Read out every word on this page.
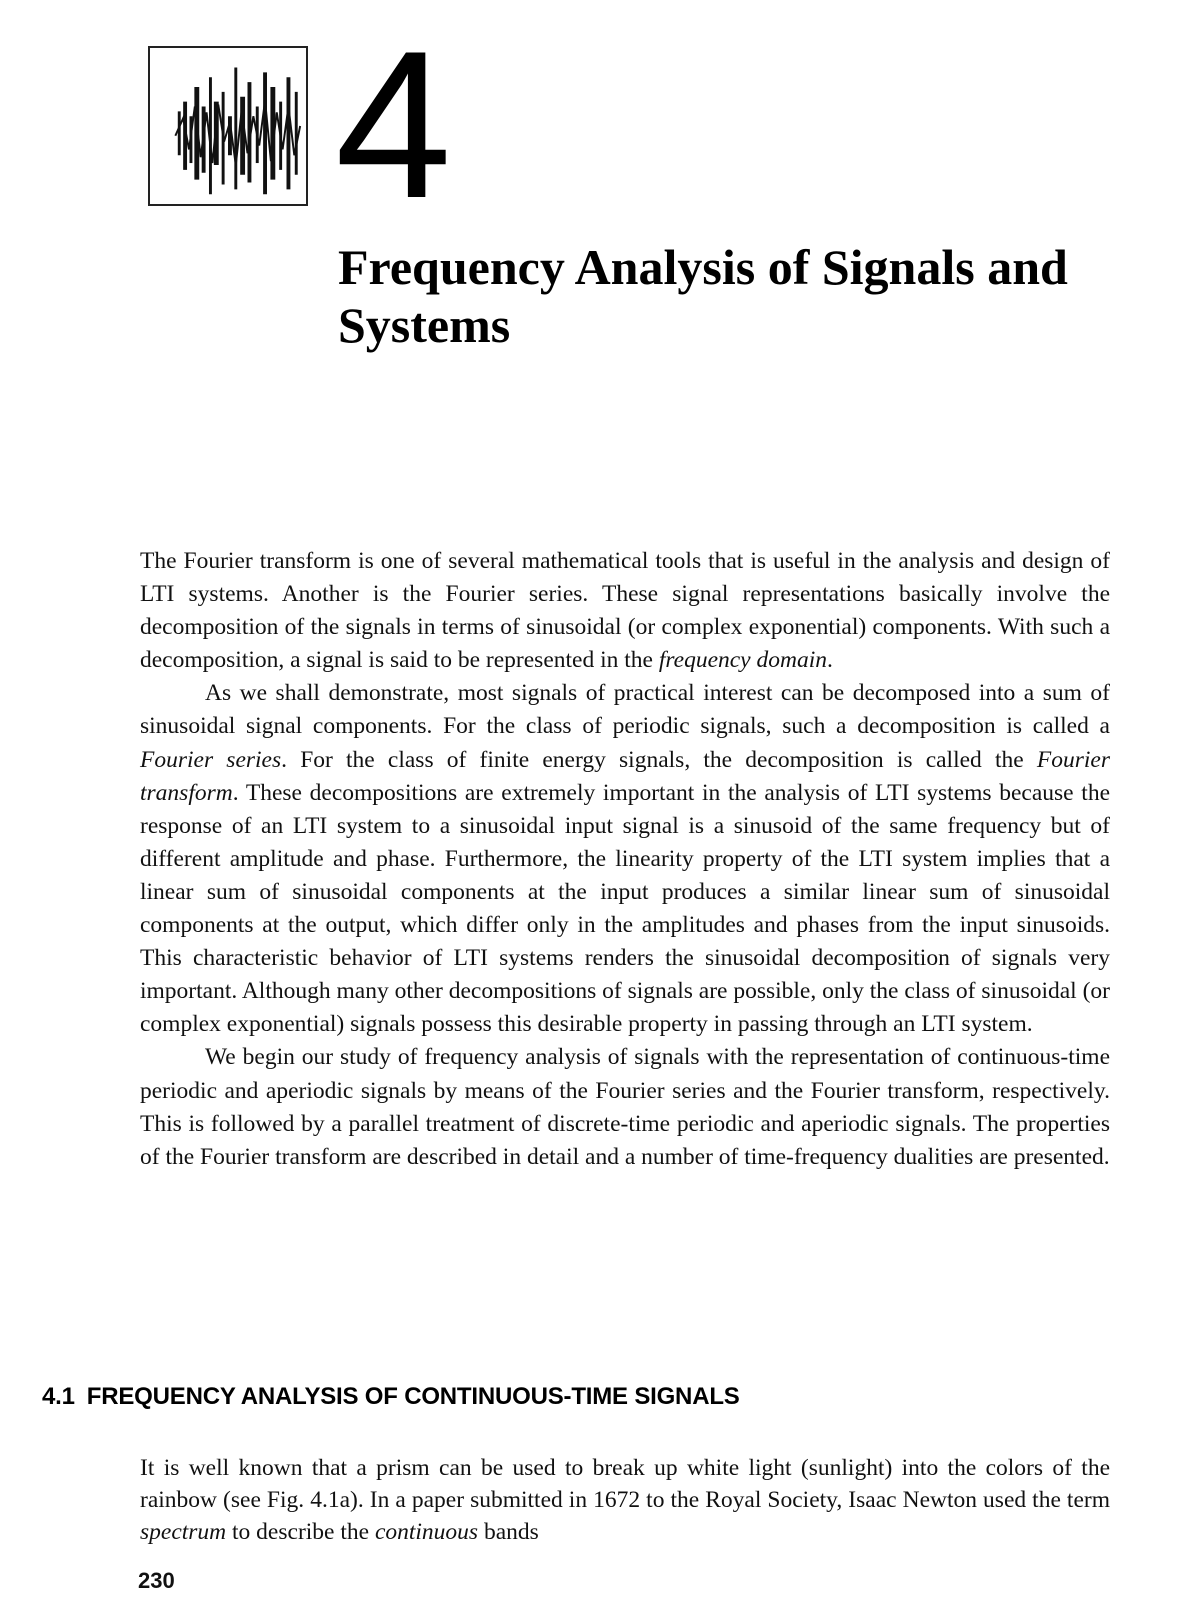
4
Frequency Analysis of Signals and Systems

The Fourier transform is one of several mathematical tools that is useful in the analysis and design of LTI systems. Another is the Fourier series. These signal representations basically involve the decomposition of the signals in terms of sinusoidal (or complex exponential) components. With such a decomposition, a signal is said to be represented in the frequency domain.

As we shall demonstrate, most signals of practical interest can be decomposed into a sum of sinusoidal signal components. For the class of periodic signals, such a decomposition is called a Fourier series. For the class of finite energy signals, the decomposition is called the Fourier transform. These decompositions are extremely important in the analysis of LTI systems because the response of an LTI system to a sinusoidal input signal is a sinusoid of the same frequency but of different amplitude and phase. Furthermore, the linearity property of the LTI system implies that a linear sum of sinusoidal components at the input produces a similar linear sum of sinusoidal components at the output, which differ only in the amplitudes and phases from the input sinusoids. This characteristic behavior of LTI systems renders the sinusoidal decomposition of signals very important. Although many other decompositions of signals are possible, only the class of sinusoidal (or complex exponential) signals possess this desirable property in passing through an LTI system.

We begin our study of frequency analysis of signals with the representation of continuous-time periodic and aperiodic signals by means of the Fourier series and the Fourier transform, respectively. This is followed by a parallel treatment of discrete-time periodic and aperiodic signals. The properties of the Fourier transform are described in detail and a number of time-frequency dualities are presented.

4.1 FREQUENCY ANALYSIS OF CONTINUOUS-TIME SIGNALS

It is well known that a prism can be used to break up white light (sunlight) into the colors of the rainbow (see Fig. 4.1a). In a paper submitted in 1672 to the Royal Society, Isaac Newton used the term spectrum to describe the continuous bands

230
